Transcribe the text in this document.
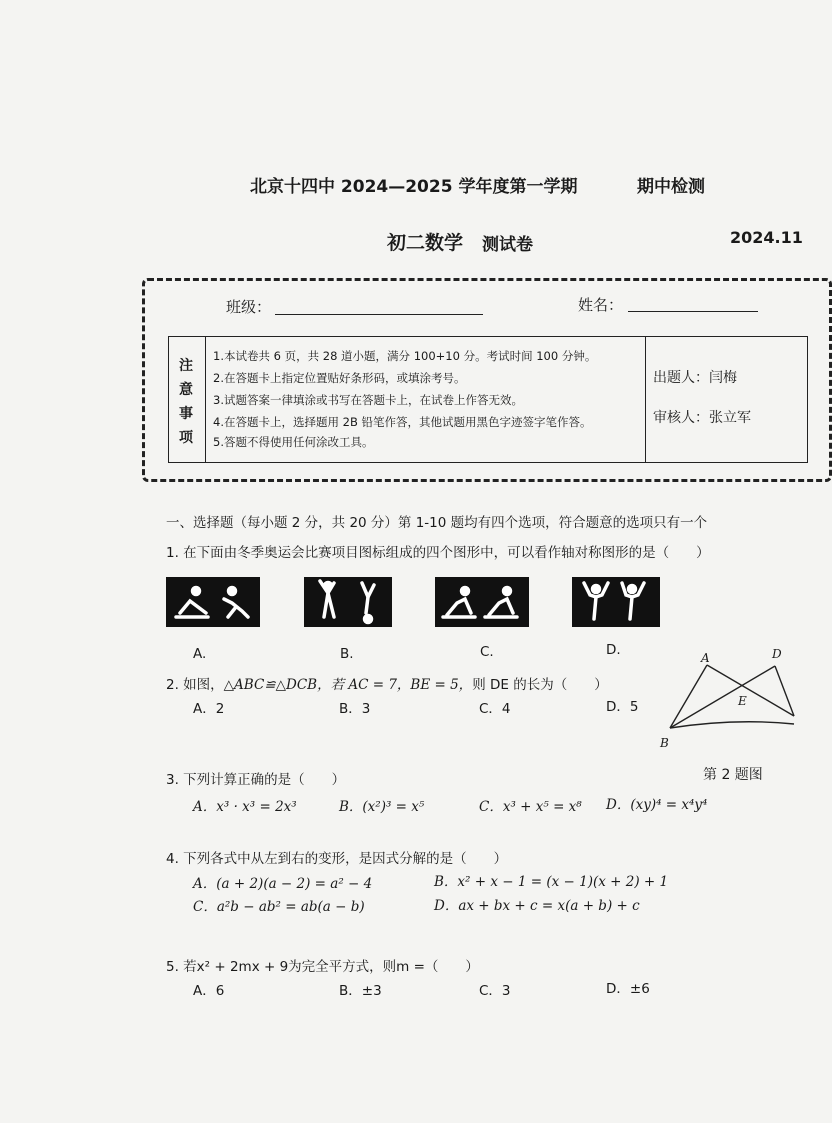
北京十四中 2024—2025 学年度第一学期	期中检测
初二数学 测试卷	2024.11
班级：	姓名：
注
意
事
项
1.本试卷共 6 页，共 28 道小题，满分 100+10 分。考试时间 100 分钟。
2.在答题卡上指定位置贴好条形码，或填涂考号。
3.试题答案一律填涂或书写在答题卡上，在试卷上作答无效。
4.在答题卡上，选择题用 2B 铅笔作答，其他试题用黑色字迹签字笔作答。
5.答题不得使用任何涂改工具。
出题人：闫梅
审核人：张立军
一、选择题（每小题 2 分，共 20 分）第 1-10 题均有四个选项，符合题意的选项只有一个
1. 在下面由冬季奥运会比赛项目图标组成的四个图形中，可以看作轴对称图形的是（　　）
A.	B.	C.	D.
2. 如图，△ABC≌△DCB，若 AC = 7，BE = 5，则 DE 的长为（　　）
A．2	B．3	C．4	D．5
A	D
E
B
第 2 题图
3. 下列计算正确的是（　　）
A．x³ · x³ = 2x³	B．(x²)³ = x⁵	C．x³ + x⁵ = x⁸ D．(xy)⁴ = x⁴y⁴
4. 下列各式中从左到右的变形，是因式分解的是（　　）
A．(a + 2)(a − 2) = a² − 4	B．x² + x − 1 = (x − 1)(x + 2) + 1
C．a²b − ab² = ab(a − b)	D．ax + bx + c = x(a + b) + c
5. 若x² + 2mx + 9为完全平方式，则m =（　　）
A．6	B．±3	C．3	D．±6
